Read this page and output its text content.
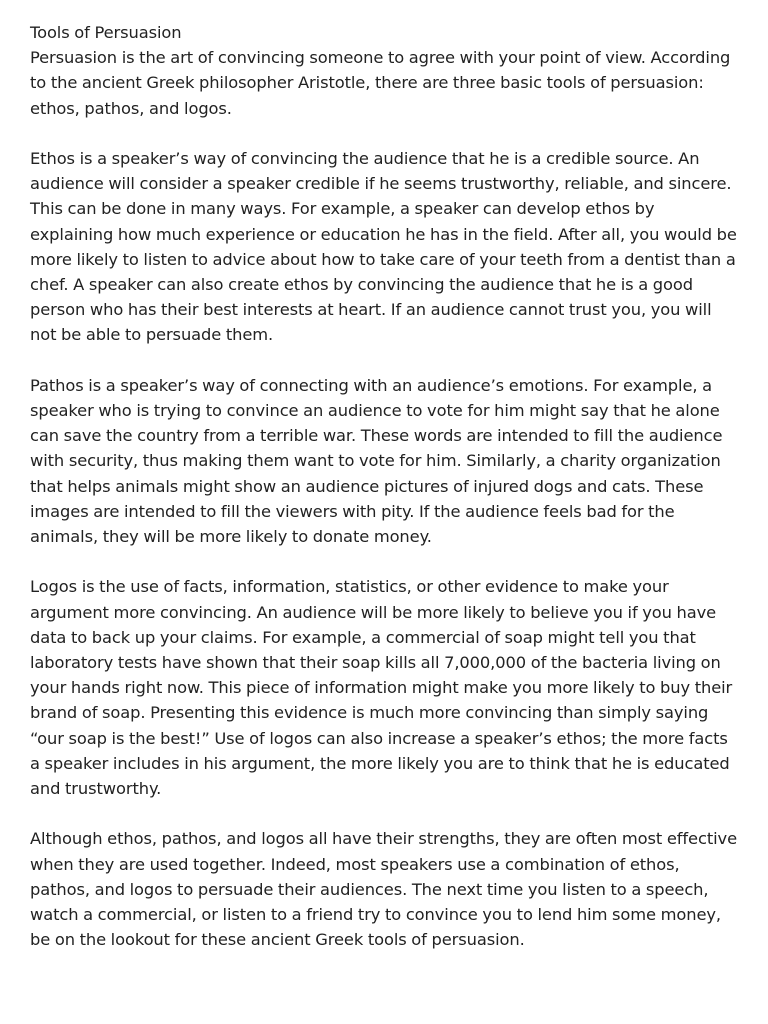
Tools of Persuasion

Persuasion is the art of convincing someone to agree with your point of view. According to the ancient Greek philosopher Aristotle, there are three basic tools of persuasion: ethos, pathos, and logos.

Ethos is a speaker’s way of convincing the audience that he is a credible source. An audience will consider a speaker credible if he seems trustworthy, reliable, and sincere. This can be done in many ways. For example, a speaker can develop ethos by explaining how much experience or education he has in the field. After all, you would be more likely to listen to advice about how to take care of your teeth from a dentist than a chef. A speaker can also create ethos by convincing the audience that he is a good person who has their best interests at heart. If an audience cannot trust you, you will not be able to persuade them.

Pathos is a speaker’s way of connecting with an audience’s emotions. For example, a speaker who is trying to convince an audience to vote for him might say that he alone can save the country from a terrible war. These words are intended to fill the audience with security, thus making them want to vote for him. Similarly, a charity organization that helps animals might show an audience pictures of injured dogs and cats. These images are intended to fill the viewers with pity. If the audience feels bad for the animals, they will be more likely to donate money.

Logos is the use of facts, information, statistics, or other evidence to make your argument more convincing. An audience will be more likely to believe you if you have data to back up your claims. For example, a commercial of soap might tell you that laboratory tests have shown that their soap kills all 7,000,000 of the bacteria living on your hands right now. This piece of information might make you more likely to buy their brand of soap. Presenting this evidence is much more convincing than simply saying “our soap is the best!” Use of logos can also increase a speaker’s ethos; the more facts a speaker includes in his argument, the more likely you are to think that he is educated and trustworthy.

Although ethos, pathos, and logos all have their strengths, they are often most effective when they are used together. Indeed, most speakers use a combination of ethos, pathos, and logos to persuade their audiences. The next time you listen to a speech, watch a commercial, or listen to a friend try to convince you to lend him some money, be on the lookout for these ancient Greek tools of persuasion.
